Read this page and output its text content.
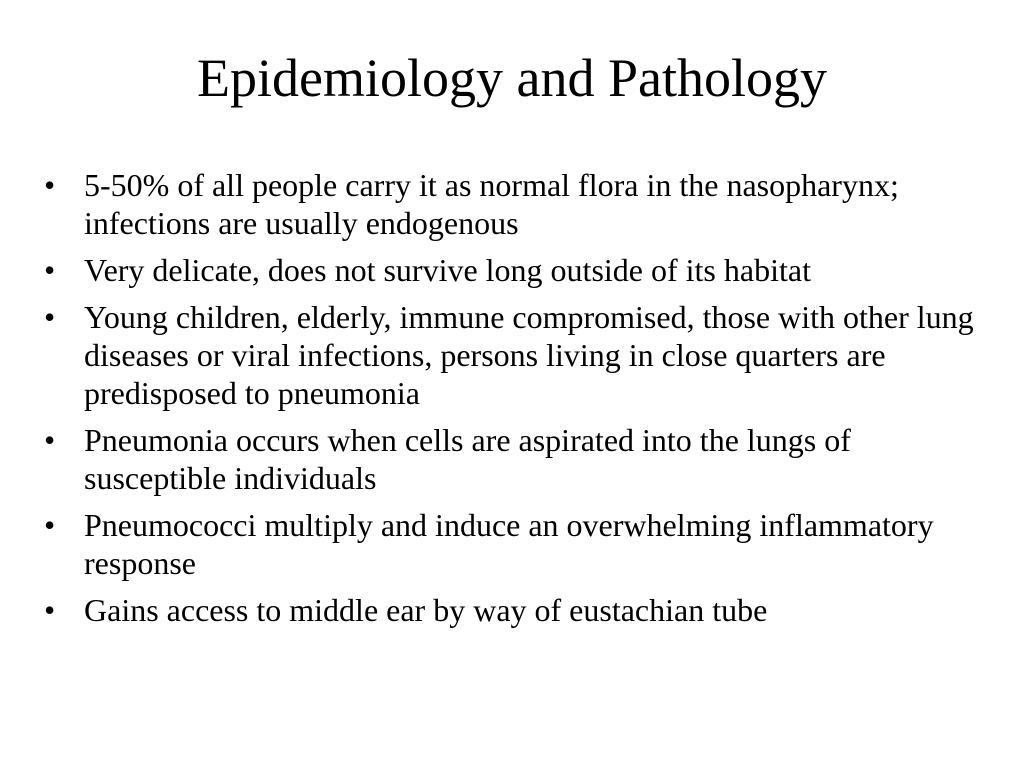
Epidemiology and Pathology
• 5-50% of all people carry it as normal flora in the nasopharynx; infections are usually endogenous
• Very delicate, does not survive long outside of its habitat
• Young children, elderly, immune compromised, those with other lung diseases or viral infections, persons living in close quarters are predisposed to pneumonia
• Pneumonia occurs when cells are aspirated into the lungs of susceptible individuals
• Pneumococci multiply and induce an overwhelming inflammatory response
• Gains access to middle ear by way of eustachian tube
